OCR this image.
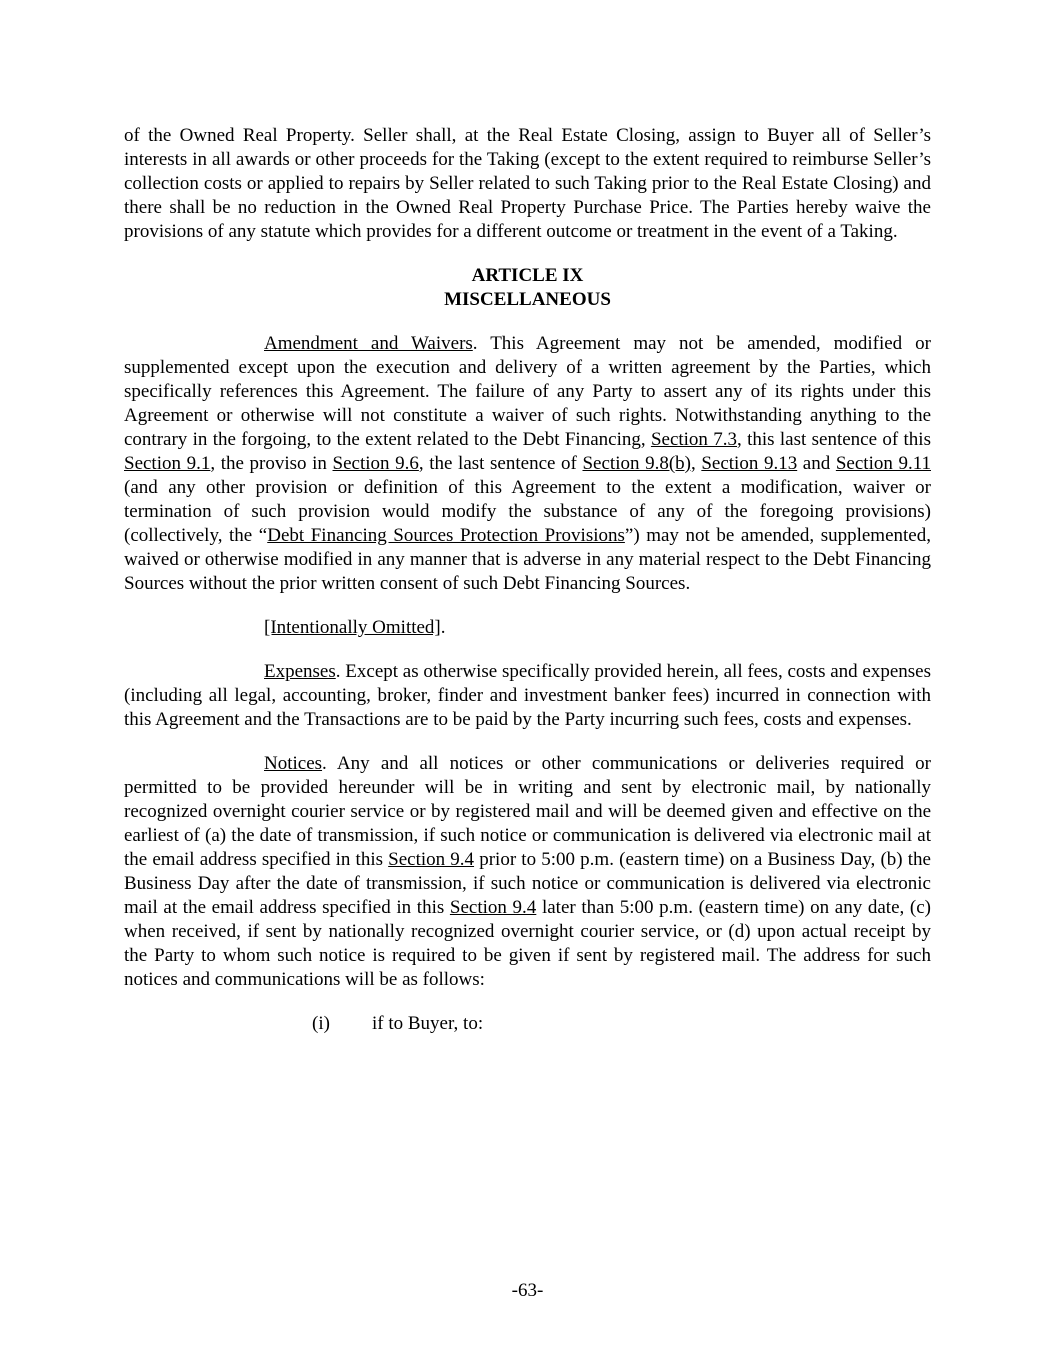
of the Owned Real Property. Seller shall, at the Real Estate Closing, assign to Buyer all of Seller’s interests in all awards or other proceeds for the Taking (except to the extent required to reimburse Seller’s collection costs or applied to repairs by Seller related to such Taking prior to the Real Estate Closing) and there shall be no reduction in the Owned Real Property Purchase Price. The Parties hereby waive the provisions of any statute which provides for a different outcome or treatment in the event of a Taking.

ARTICLE IX
MISCELLANEOUS

Amendment and Waivers. This Agreement may not be amended, modified or supplemented except upon the execution and delivery of a written agreement by the Parties, which specifically references this Agreement. The failure of any Party to assert any of its rights under this Agreement or otherwise will not constitute a waiver of such rights. Notwithstanding anything to the contrary in the forgoing, to the extent related to the Debt Financing, Section 7.3, this last sentence of this Section 9.1, the proviso in Section 9.6, the last sentence of Section 9.8(b), Section 9.13 and Section 9.11 (and any other provision or definition of this Agreement to the extent a modification, waiver or termination of such provision would modify the substance of any of the foregoing provisions) (collectively, the “Debt Financing Sources Protection Provisions”) may not be amended, supplemented, waived or otherwise modified in any manner that is adverse in any material respect to the Debt Financing Sources without the prior written consent of such Debt Financing Sources.

[Intentionally Omitted].

Expenses. Except as otherwise specifically provided herein, all fees, costs and expenses (including all legal, accounting, broker, finder and investment banker fees) incurred in connection with this Agreement and the Transactions are to be paid by the Party incurring such fees, costs and expenses.

Notices. Any and all notices or other communications or deliveries required or permitted to be provided hereunder will be in writing and sent by electronic mail, by nationally recognized overnight courier service or by registered mail and will be deemed given and effective on the earliest of (a) the date of transmission, if such notice or communication is delivered via electronic mail at the email address specified in this Section 9.4 prior to 5:00 p.m. (eastern time) on a Business Day, (b) the Business Day after the date of transmission, if such notice or communication is delivered via electronic mail at the email address specified in this Section 9.4 later than 5:00 p.m. (eastern time) on any date, (c) when received, if sent by nationally recognized overnight courier service, or (d) upon actual receipt by the Party to whom such notice is required to be given if sent by registered mail. The address for such notices and communications will be as follows:

(i) if to Buyer, to:
-63-
